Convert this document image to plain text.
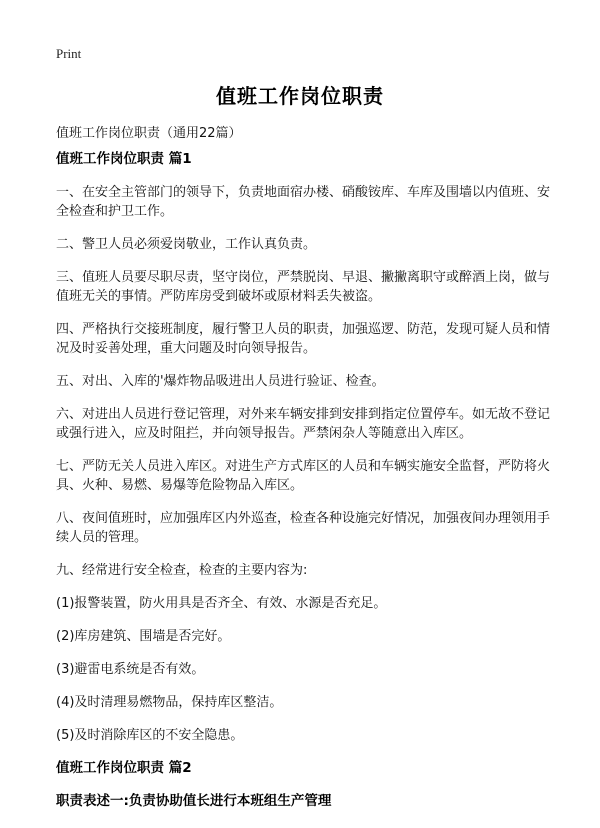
Print
值班工作岗位职责
值班工作岗位职责（通用22篇）
值班工作岗位职责 篇1
一、在安全主管部门的领导下，负责地面宿办楼、硝酸铵库、车库及围墙以内值班、安全检查和护卫工作。
二、警卫人员必须爱岗敬业，工作认真负责。
三、值班人员要尽职尽责，坚守岗位，严禁脱岗、早退、撇撇离职守或醉酒上岗，做与值班无关的事情。严防库房受到破坏或原材料丢失被盗。
四、严格执行交接班制度，履行警卫人员的职责，加强巡逻、防范，发现可疑人员和情况及时妥善处理，重大问题及时向领导报告。
五、对出、入库的'爆炸物品吸进出人员进行验证、检查。
六、对进出人员进行登记管理，对外来车辆安排到安排到指定位置停车。如无故不登记或强行进入，应及时阻拦，并向领导报告。严禁闲杂人等随意出入库区。
七、严防无关人员进入库区。对进生产方式库区的人员和车辆实施安全监督，严防将火具、火种、易燃、易爆等危险物品入库区。
八、夜间值班时，应加强库区内外巡查，检查各种设施完好情况，加强夜间办理领用手续人员的管理。
九、经常进行安全检查，检查的主要内容为:
(1)报警装置，防火用具是否齐全、有效、水源是否充足。
(2)库房建筑、围墙是否完好。
(3)避雷电系统是否有效。
(4)及时清理易燃物品，保持库区整洁。
(5)及时消除库区的不安全隐患。
值班工作岗位职责 篇2
职责表述一:负责协助值长进行本班组生产管理
